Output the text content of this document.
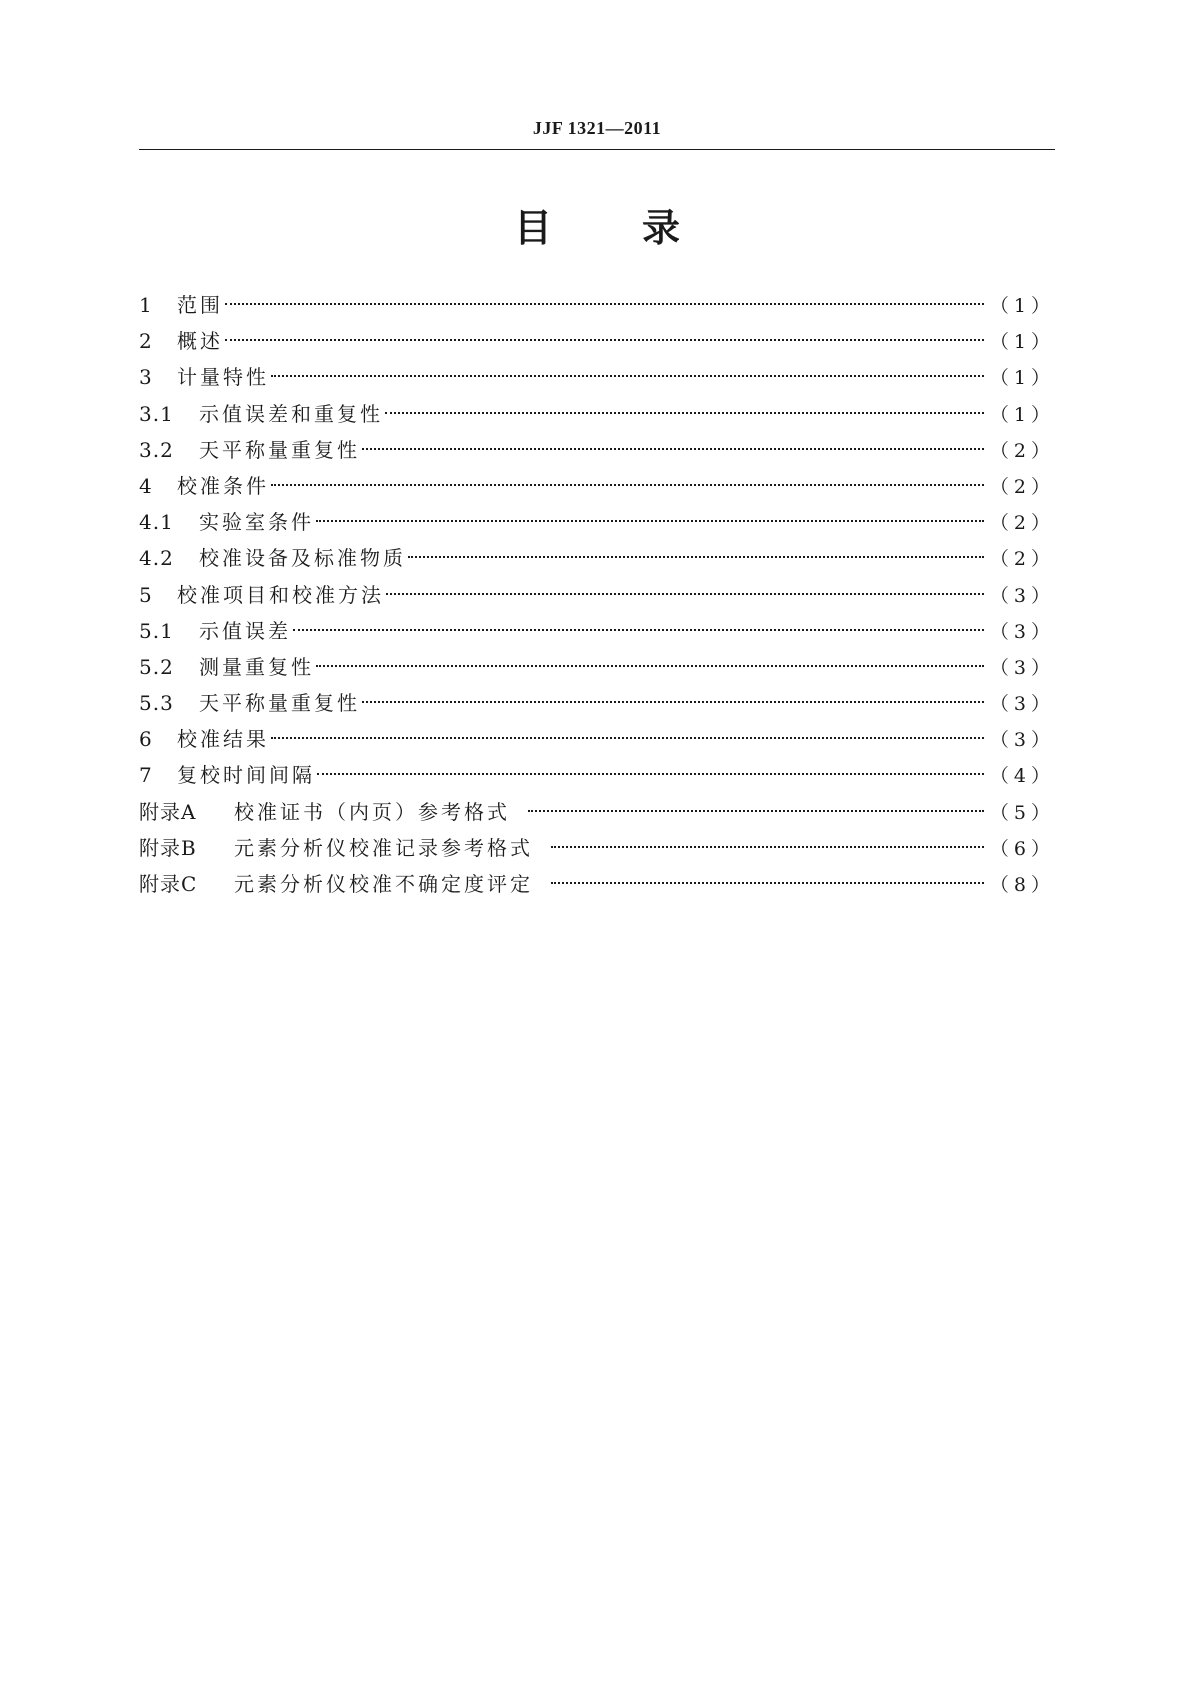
JJF 1321—2011
目 录
1	范围	（1）
2	概述	（1）
3	计量特性	（1）
3.1	示值误差和重复性	（1）
3.2	天平称量重复性	（2）
4	校准条件	（2）
4.1	实验室条件	（2）
4.2	校准设备及标准物质	（2）
5	校准项目和校准方法	（3）
5.1	示值误差	（3）
5.2	测量重复性	（3）
5.3	天平称量重复性	（3）
6	校准结果	（3）
7	复校时间间隔	（4）
附录A	校准证书（内页）参考格式	（5）
附录B	元素分析仪校准记录参考格式	（6）
附录C	元素分析仪校准不确定度评定	（8）
